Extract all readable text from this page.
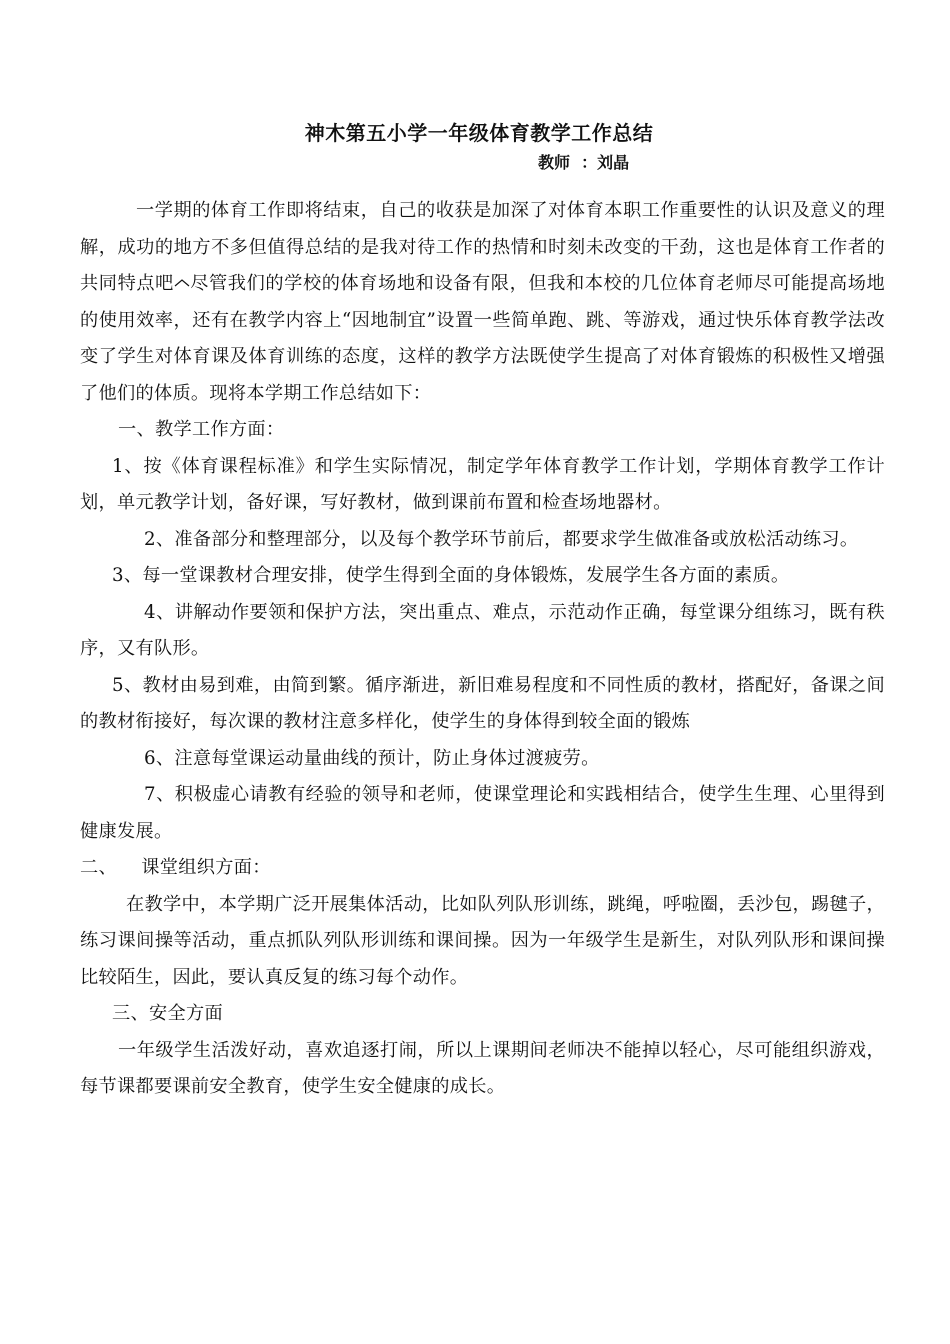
神木第五小学一年级体育教学工作总结
教师  ：刘晶

一学期的体育工作即将结束，自己的收获是加深了对体育本职工作重要性的认识及意义的理解，成功的地方不多但值得总结的是我对待工作的热情和时刻未改变的干劲，这也是体育工作者的共同特点吧 尽管我们的学校的体育场地和设备有限，但我和本校的几位体育老师尽可能提高场地的使用效率，还有在教学内容上“因地制宜”设置一些简单跑、跳、等游戏，通过快乐体育教学法改变了学生对体育课及体育训练的态度，这样的教学方法既使学生提高了对体育锻炼的积极性又增强了他们的体质。现将本学期工作总结如下：

一、教学工作方面：

1、按《体育课程标准》和学生实际情况，制定学年体育教学工作计划，学期体育教学工作计划，单元教学计划，备好课，写好教材，做到课前布置和检查场地器材。

2、准备部分和整理部分，以及每个教学环节前后，都要求学生做准备或放松活动练习。

3、每一堂课教材合理安排，使学生得到全面的身体锻炼，发展学生各方面的素质。

4、讲解动作要领和保护方法，突出重点、难点，示范动作正确，每堂课分组练习，既有秩序，又有队形。

5、教材由易到难，由简到繁。循序渐进，新旧难易程度和不同性质的教材，搭配好，备课之间的教材衔接好，每次课的教材注意多样化，使学生的身体得到较全面的锻炼

6、注意每堂课运动量曲线的预计，防止身体过渡疲劳。

7、积极虚心请教有经验的领导和老师，使课堂理论和实践相结合，使学生生理、心里得到健康发展。

二、    课堂组织方面：

在教学中，本学期广泛开展集体活动，比如队列队形训练，跳绳，呼啦圈，丢沙包，踢毽子，练习课间操等活动，重点抓队列队形训练和课间操。因为一年级学生是新生，对队列队形和课间操比较陌生，因此，要认真反复的练习每个动作。

三、安全方面

一年级学生活泼好动，喜欢追逐打闹，所以上课期间老师决不能掉以轻心，尽可能组织游戏，每节课都要课前安全教育，使学生安全健康的成长。
